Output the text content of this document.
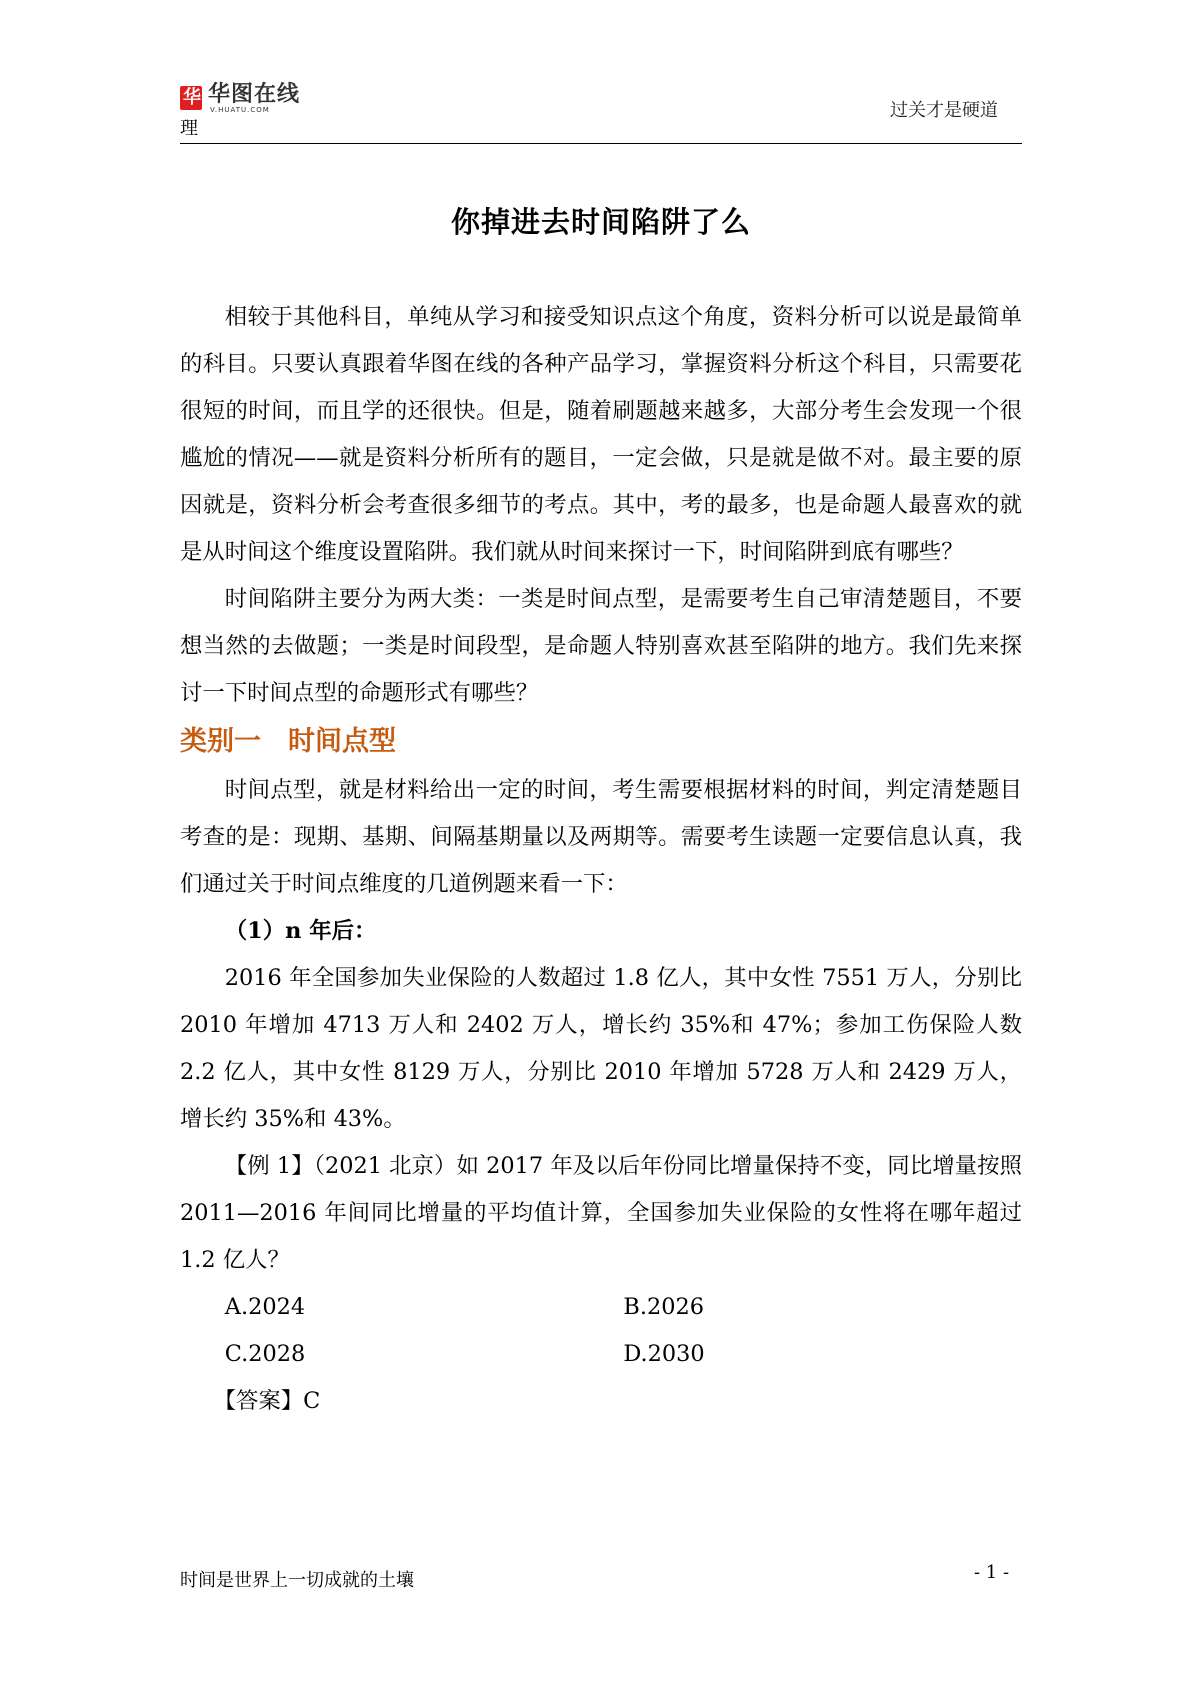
华 华图在线
V.HUATU.COM
理
过关才是硬道
你掉进去时间陷阱了么

相较于其他科目，单纯从学习和接受知识点这个角度，资料分析可以说是最简单的科目。只要认真跟着华图在线的各种产品学习，掌握资料分析这个科目，只需要花很短的时间，而且学的还很快。但是，随着刷题越来越多，大部分考生会发现一个很尴尬的情况——就是资料分析所有的题目，一定会做，只是就是做不对。最主要的原因就是，资料分析会考查很多细节的考点。其中，考的最多，也是命题人最喜欢的就是从时间这个维度设置陷阱。我们就从时间来探讨一下，时间陷阱到底有哪些？

时间陷阱主要分为两大类：一类是时间点型，是需要考生自己审清楚题目，不要想当然的去做题；一类是时间段型，是命题人特别喜欢甚至陷阱的地方。我们先来探讨一下时间点型的命题形式有哪些？

类别一　时间点型

时间点型，就是材料给出一定的时间，考生需要根据材料的时间，判定清楚题目考查的是：现期、基期、间隔基期量以及两期等。需要考生读题一定要信息认真，我们通过关于时间点维度的几道例题来看一下：

（1）n 年后：

2016 年全国参加失业保险的人数超过 1.8 亿人，其中女性 7551 万人，分别比 2010 年增加 4713 万人和 2402 万人，增长约 35%和 47%；参加工伤保险人数 2.2 亿人，其中女性 8129 万人，分别比 2010 年增加 5728 万人和 2429 万人，增长约 35%和 43%。

【例 1】（2021 北京）如 2017 年及以后年份同比增量保持不变，同比增量按照 2011—2016 年间同比增量的平均值计算，全国参加失业保险的女性将在哪年超过 1.2 亿人？

A.2024	B.2026
C.2028	D.2030

【答案】C

时间是世界上一切成就的土壤	- 1 -
